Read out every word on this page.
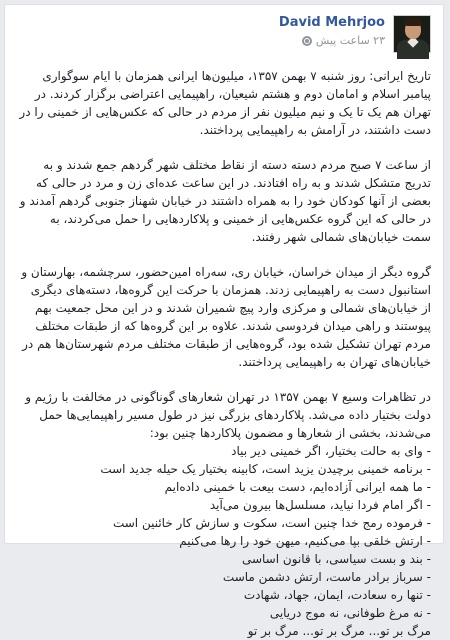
David Mehrjoo
۲۳ ساعت پیش

تاریخ ایرانی: روز شنبه ۷ بهمن ۱۳۵۷، میلیون‌ها ایرانی همزمان با ایام سوگواری پیامبر اسلام و امامان دوم و هشتم شیعیان، راهپیمایی اعتراضی برگزار کردند. در تهران هم یک تا یک و نیم میلیون نفر از مردم در حالی که عکس‌هایی از خمینی را در دست داشتند، در آرامش به راهپیمایی پرداختند.

از ساعت ۷ صبح مردم دسته دسته از نقاط مختلف شهر گردهم جمع شدند و به تدریج متشکل شدند و به راه افتادند. در این ساعت عده‌ای زن و مرد در حالی که بعضی از آنها کودکان خود را به همراه داشتند در خیابان شهناز جنوبی گردهم آمدند و در حالی که این گروه عکس‌هایی از خمینی و پلاکاردهایی را حمل می‌کردند، به سمت خیابان‌های شمالی شهر رفتند.

گروه دیگر از میدان خراسان، خیابان ری، سه‌راه امین‌حضور، سرچشمه، بهارستان و استانبول دست به راهپیمایی زدند. همزمان با حرکت این گروه‌ها، دسته‌های دیگری از خیابان‌های شمالی و مرکزی وارد پیچ شمیران شدند و در این محل جمعیت بهم پیوستند و راهی میدان فردوسی شدند. علاوه بر این گروه‌ها که از طبقات مختلف مردم تهران تشکیل شده بود، گروه‌هایی از طبقات مختلف مردم شهرستان‌ها هم در خیابان‌های تهران به راهپیمایی پرداختند.

در تظاهرات وسیع ۷ بهمن ۱۳۵۷ در تهران شعارهای گوناگونی در مخالفت با رژیم و دولت بختیار داده می‌شد. پلاکاردهای بزرگی نیز در طول مسیر راهپیمایی‌ها حمل می‌شدند، بخشی از شعارها و مضمون پلاکاردها چنین بود:

- وای به حالت بختیار، اگر خمینی دیر بیاد

- برنامه خمینی برچیدن یزید است، کابینه بختیار یک حیله جدید است

- ما همه ایرانی آزاده‌ایم، دست بیعت با خمینی داده‌ایم

- اگر امام فردا نیاید، مسلسل‌ها بیرون می‌آید

- فرموده رمج خدا چنین است، سکوت و سازش کار خائنین است

- ارتش خلقی بپا می‌کنیم، میهن خود را رها می‌کنیم

- بند و بست سیاسی، با قانون اساسی

- سرباز برادر ماست، ارتش دشمن ماست

- تنها ره سعادت، ایمان، جهاد، شهادت

- نه مرغ طوفانی، نه موج دریایی

مرگ بر تو... مرگ بر تو... مرگ بر تو
